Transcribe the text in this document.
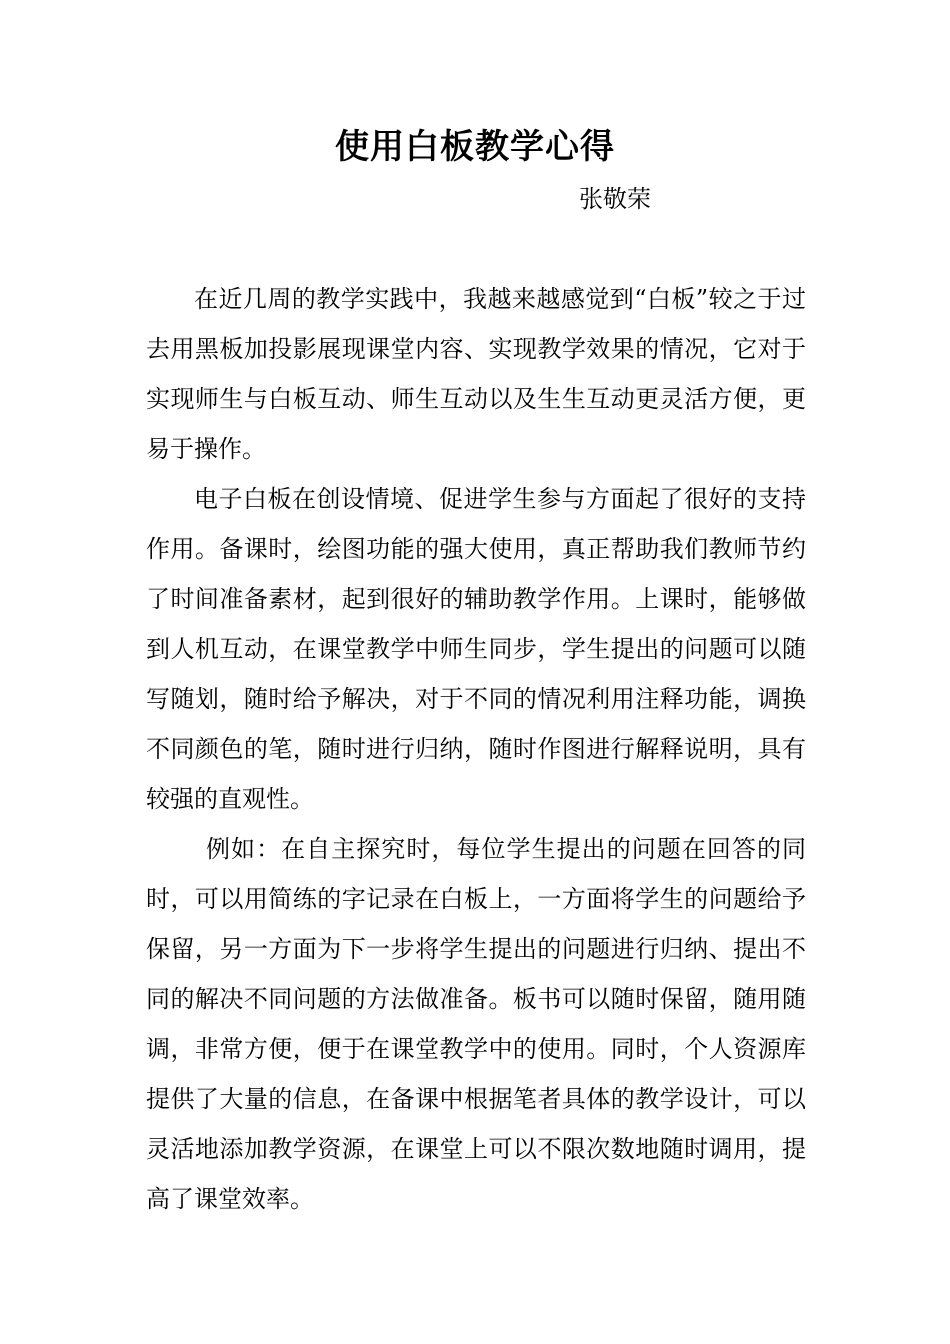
使用白板教学心得
张敬荣

在近几周的教学实践中，我越来越感觉到“白板”较之于过去用黑板加投影展现课堂内容、实现教学效果的情况，它对于实现师生与白板互动、师生互动以及生生互动更灵活方便，更易于操作。

电子白板在创设情境、促进学生参与方面起了很好的支持作用。备课时，绘图功能的强大使用，真正帮助我们教师节约了时间准备素材，起到很好的辅助教学作用。上课时，能够做到人机互动，在课堂教学中师生同步，学生提出的问题可以随写随划，随时给予解决，对于不同的情况利用注释功能，调换不同颜色的笔，随时进行归纳，随时作图进行解释说明，具有较强的直观性。

例如：在自主探究时，每位学生提出的问题在回答的同时，可以用简练的字记录在白板上，一方面将学生的问题给予保留，另一方面为下一步将学生提出的问题进行归纳、提出不同的解决不同问题的方法做准备。板书可以随时保留，随用随调，非常方便，便于在课堂教学中的使用。同时，个人资源库提供了大量的信息，在备课中根据笔者具体的教学设计，可以灵活地添加教学资源，在课堂上可以不限次数地随时调用，提高了课堂效率。
